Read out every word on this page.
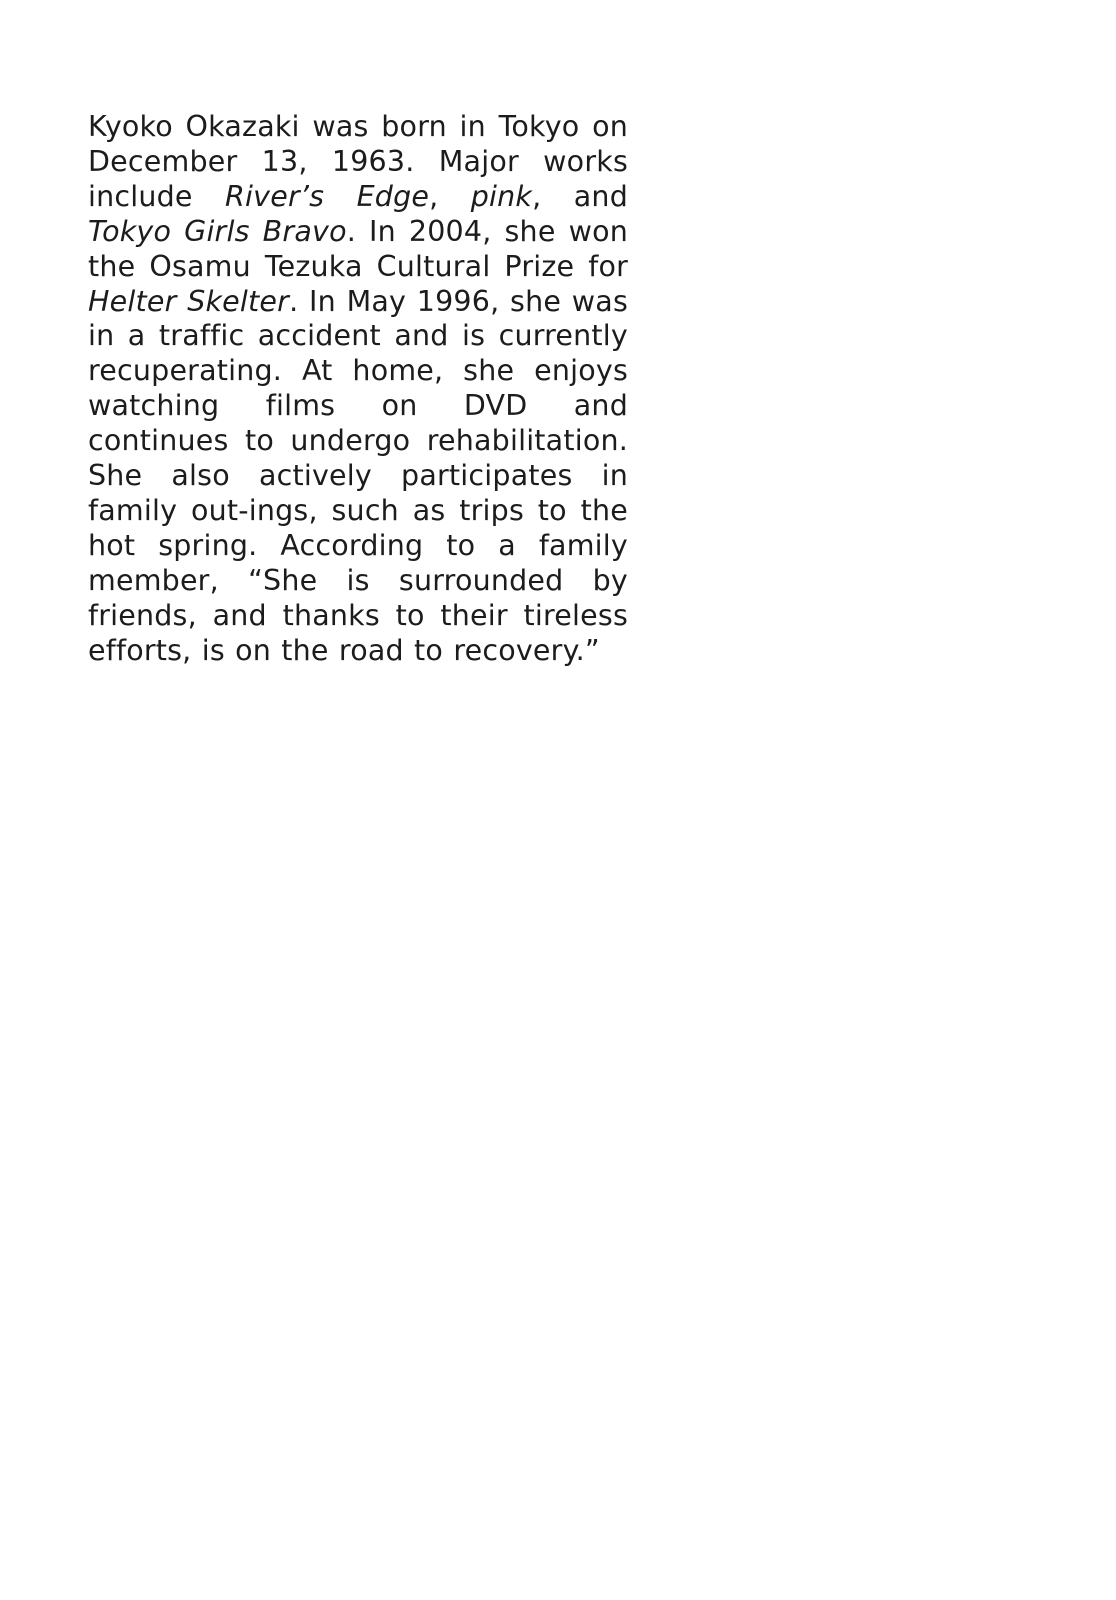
Kyoko Okazaki was born in Tokyo on December 13, 1963. Major works include River’s Edge, pink, and Tokyo Girls Bravo. In 2004, she won the Osamu Tezuka Cultural Prize for Helter Skelter. In May 1996, she was in a traffic accident and is currently recuperating. At home, she enjoys watching films on DVD and continues to undergo rehabilitation. She also actively participates in family out-ings, such as trips to the hot spring. According to a family member, “She is surrounded by friends, and thanks to their tireless efforts, is on the road to recovery.”
